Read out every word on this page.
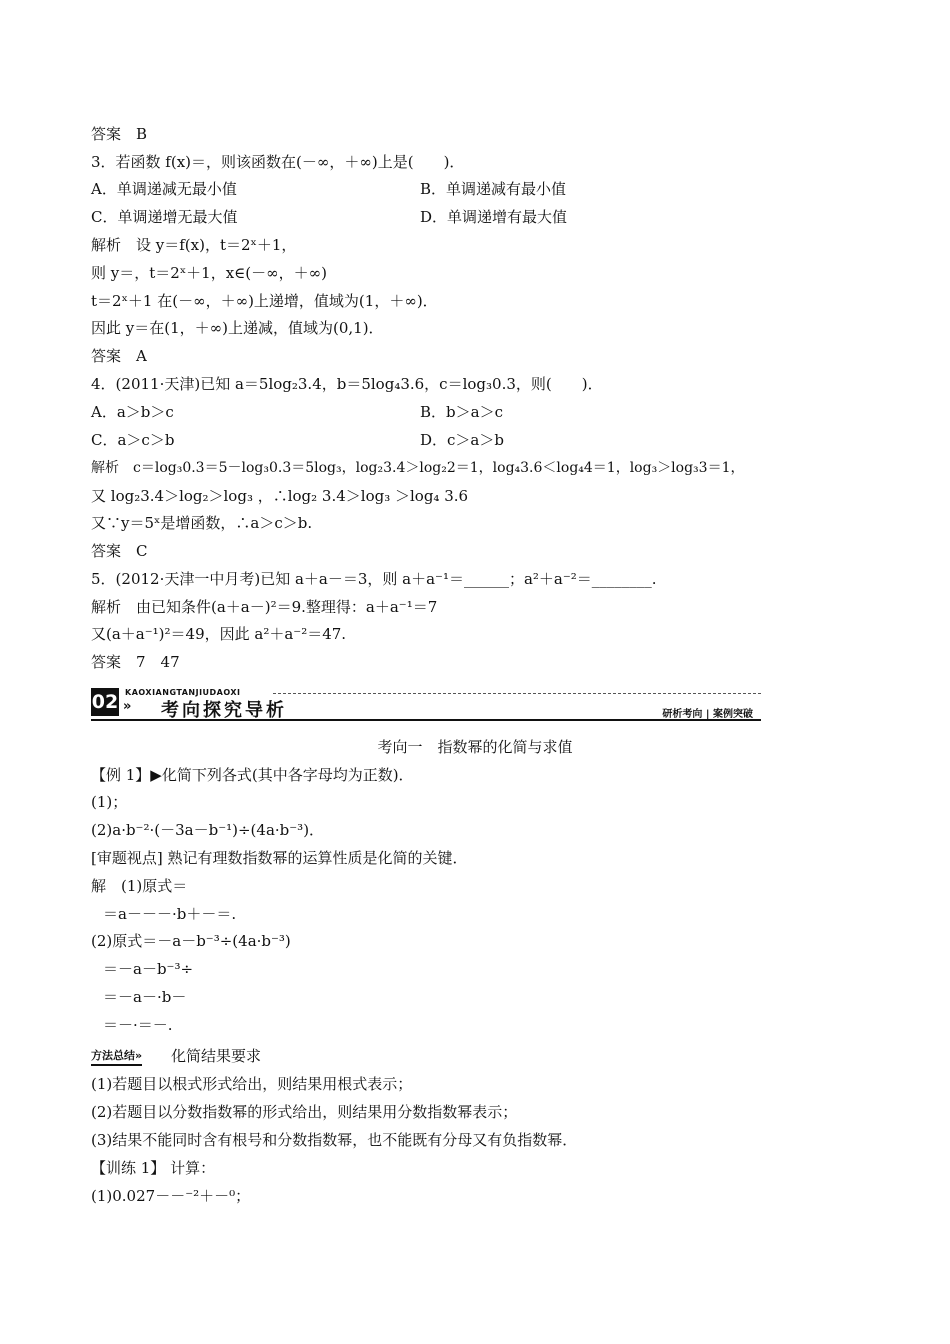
答案　B
3．若函数 f(x)＝，则该函数在(－∞，＋∞)上是(　　)．
A．单调递减无最小值	B．单调递减有最小值
C．单调递增无最大值	D．单调递增有最大值
解析　设 y＝f(x)，t＝2ˣ＋1，
则 y＝，t＝2ˣ＋1，x∈(－∞，＋∞)
t＝2ˣ＋1 在(－∞，＋∞)上递增，值域为(1，＋∞)．
因此 y＝在(1，＋∞)上递减，值域为(0,1)．
答案　A
4．(2011·天津)已知 a＝5log₂3.4，b＝5log₄3.6，c＝log₃0.3，则(　　)．
A．a＞b＞c	B．b＞a＞c
C．a＞c＞b	D．c＞a＞b
解析　c＝log₃0.3＝5－log₃0.3＝5log₃，log₂3.4＞log₂2＝1，log₄3.6＜log₄4＝1，log₃＞log₃3＝1，
又 log₂3.4＞log₂＞log₃ ，∴log₂ 3.4＞log₃ ＞log₄ 3.6
又∵y＝5ˣ是增函数，∴a＞c＞b.
答案　C
5．(2012·天津一中月考)已知 a＋a－＝3，则 a＋a⁻¹＝______；a²＋a⁻²＝________.
解析　由已知条件(a＋a－)²＝9.整理得：a＋a⁻¹＝7
又(a＋a⁻¹)²＝49，因此 a²＋a⁻²＝47.
答案　7　47
02 »
KAOXIANGTANJIUDAOXI
考向探究导析	研析考向 | 案例突破
考向一　指数幂的化简与求值
【例 1】▶化简下列各式(其中各字母均为正数)．
(1)；
(2)a·b⁻²·(－3a－b⁻¹)÷(4a·b⁻³)．
[审题视点] 熟记有理数指数幂的运算性质是化简的关键．
解　(1)原式＝
＝a－－－·b＋－＝.
(2)原式＝－a－b⁻³÷(4a·b⁻³)
＝－a－b⁻³÷
＝－a－·b－
＝－·＝－.
方法总结» 化简结果要求
(1)若题目以根式形式给出，则结果用根式表示；
(2)若题目以分数指数幂的形式给出，则结果用分数指数幂表示；
(3)结果不能同时含有根号和分数指数幂，也不能既有分母又有负指数幂．
【训练 1】 计算：
(1)0.027－－⁻²＋－⁰；
